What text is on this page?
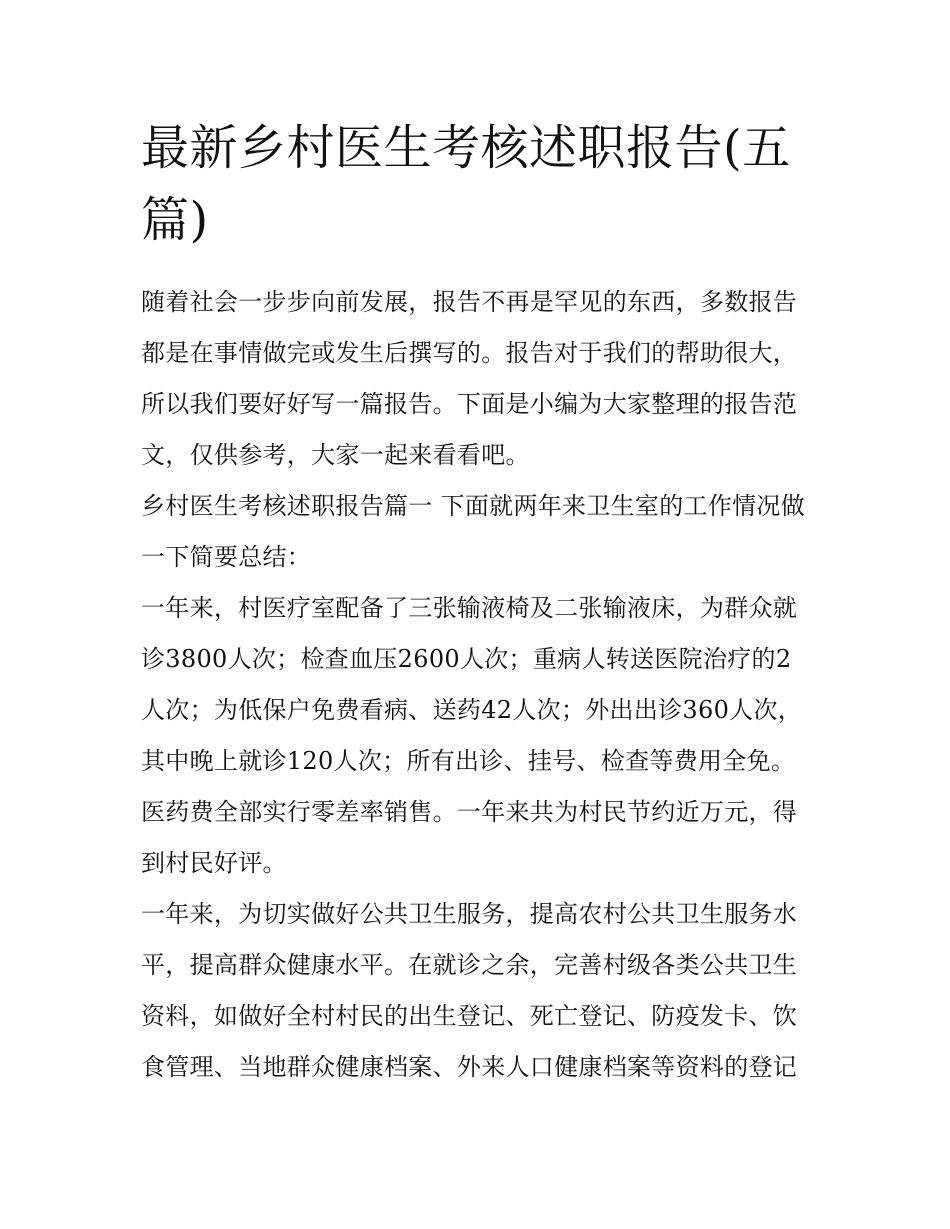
最新乡村医生考核述职报告(五篇)

随着社会一步步向前发展，报告不再是罕见的东西，多数报告都是在事情做完或发生后撰写的。报告对于我们的帮助很大，所以我们要好好写一篇报告。下面是小编为大家整理的报告范文，仅供参考，大家一起来看看吧。

乡村医生考核述职报告篇一 下面就两年来卫生室的工作情况做一下简要总结：

一年来，村医疗室配备了三张输液椅及二张输液床，为群众就诊3800人次；检查血压2600人次；重病人转送医院治疗的2人次；为低保户免费看病、送药42人次；外出出诊360人次，其中晚上就诊120人次；所有出诊、挂号、检查等费用全免。医药费全部实行零差率销售。一年来共为村民节约近万元，得到村民好评。

一年来，为切实做好公共卫生服务，提高农村公共卫生服务水平，提高群众健康水平。在就诊之余，完善村级各类公共卫生资料，如做好全村村民的出生登记、死亡登记、防疫发卡、饮食管理、当地群众健康档案、外来人口健康档案等资料的登记
